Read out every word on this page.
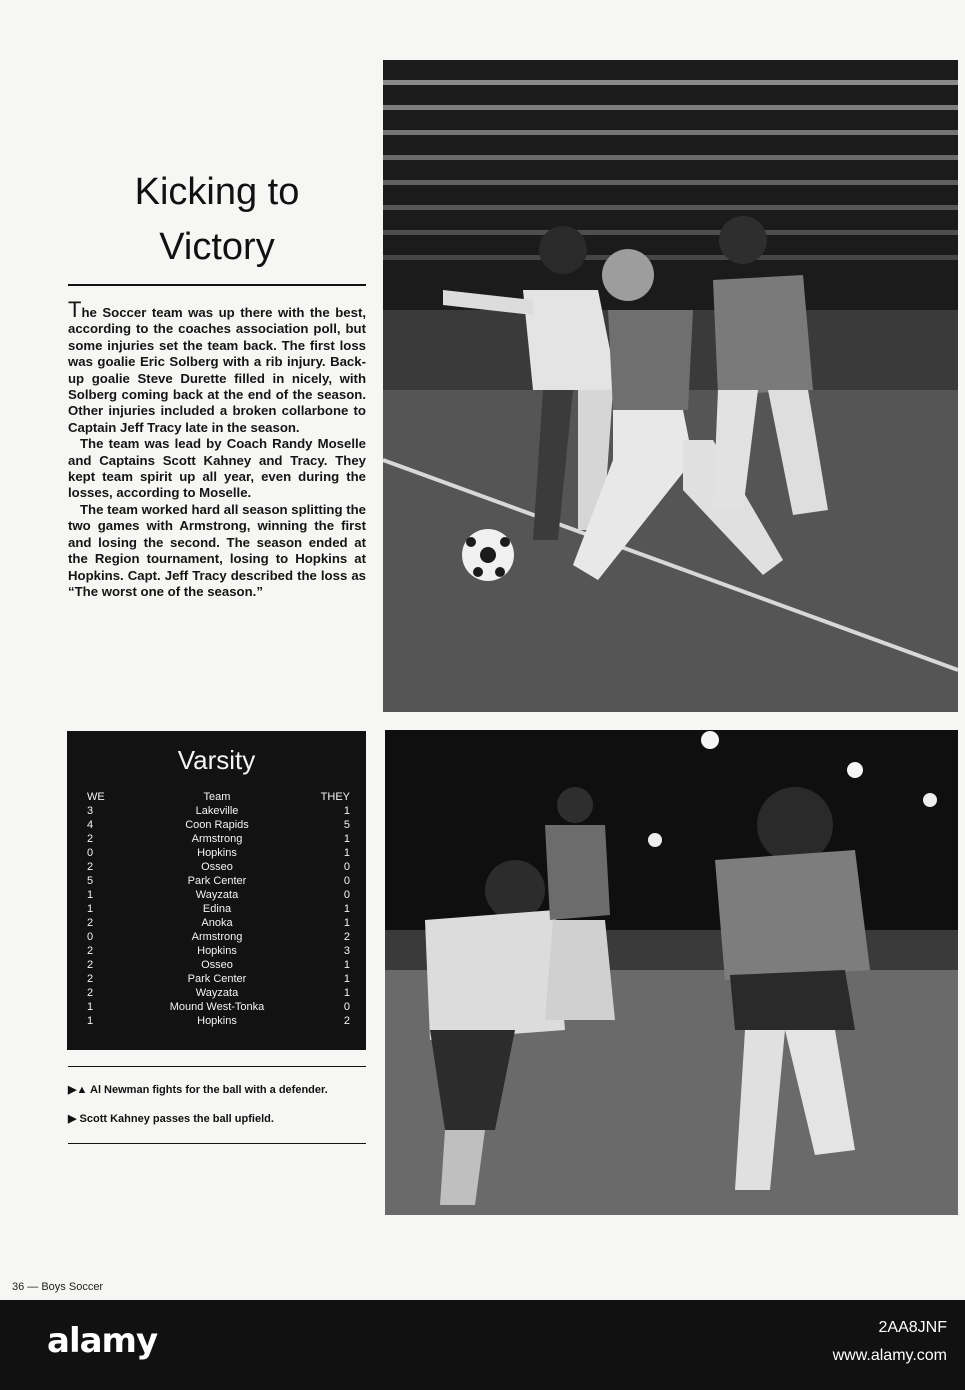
Kicking to
Victory

The Soccer team was up there with the best, according to the coaches association poll, but some injuries set the team back. The first loss was goalie Eric Solberg with a rib injury. Back-up goalie Steve Durette filled in nicely, with Solberg coming back at the end of the season. Other injuries included a broken collarbone to Captain Jeff Tracy late in the season.

The team was lead by Coach Randy Moselle and Captains Scott Kahney and Tracy. They kept team spirit up all year, even during the losses, according to Moselle.

The team worked hard all season splitting the two games with Armstrong, winning the first and losing the second. The season ended at the Region tournament, losing to Hopkins at Hopkins. Capt. Jeff Tracy described the loss as “The worst one of the season.”

Varsity
WE	Team	THEY
3	Lakeville	1
4	Coon Rapids	5
2	Armstrong	1
0	Hopkins	1
2	Osseo	0
5	Park Center	0
1	Wayzata	0
1	Edina	1
2	Anoka	1
0	Armstrong	2
2	Hopkins	3
2	Osseo	1
2	Park Center	1
2	Wayzata	1
1	Mound West-Tonka	0
1	Hopkins	2
▶▲ Al Newman fights for the ball with a defender.
▶ Scott Kahney passes the ball upfield.
36 — Boys Soccer
alamy	2AA8JNF
www.alamy.com
